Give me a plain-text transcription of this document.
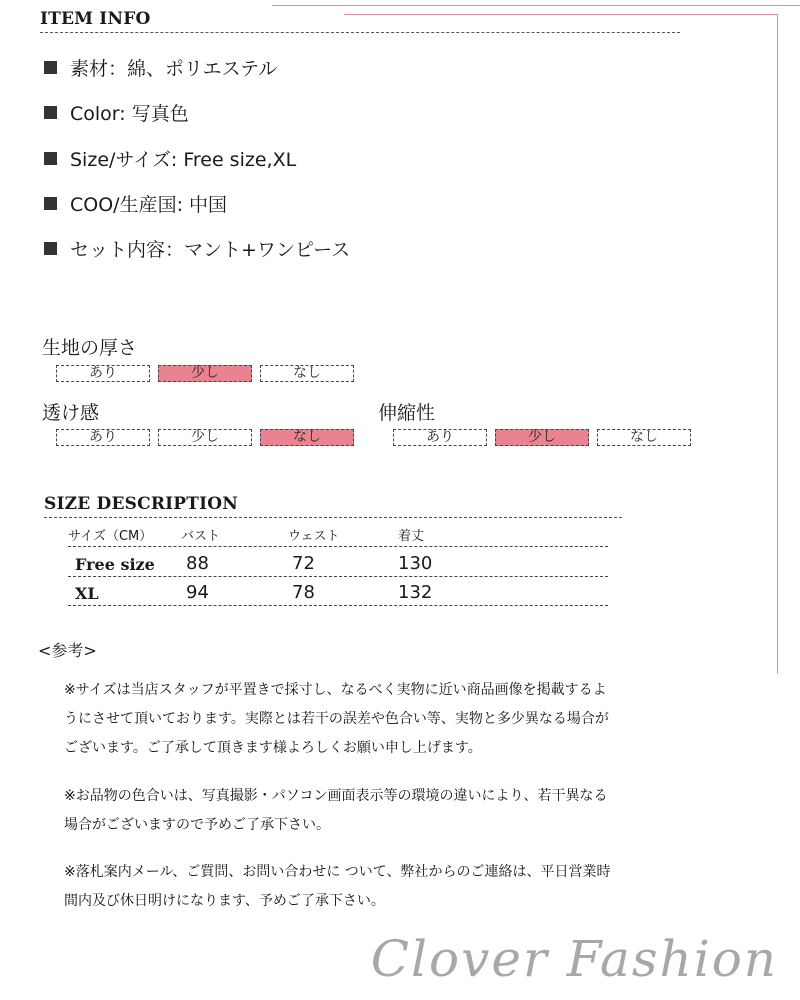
ITEM INFO
素材：綿、ポリエステル
Color: 写真色
Size/サイズ: Free size,XL
COO/生産国: 中国
セット内容：マント+ワンピース
生地の厚さ
あり	少し	なし
透け感
あり	少し	なし
伸縮性
あり	少し	なし
SIZE DESCRIPTION
サイズ（CM） バスト	ウェスト	着丈
Free size 88	72	130
XL	94	78	132
<参考>
※サイズは当店スタッフが平置きで採寸し、なるべく実物に近い商品画像を掲載するよ
うにさせて頂いております。実際とは若干の誤差や色合い等、実物と多少異なる場合が
ございます。ご了承して頂きます様よろしくお願い申し上げます。
※お品物の色合いは、写真撮影・パソコン画面表示等の環境の違いにより、若干異なる
場合がございますので予めご了承下さい。
※落札案内メール、ご質問、お問い合わせに ついて、弊社からのご連絡は、平日営業時
間内及び休日明けになります、予めご了承下さい。
Clover Fashion
